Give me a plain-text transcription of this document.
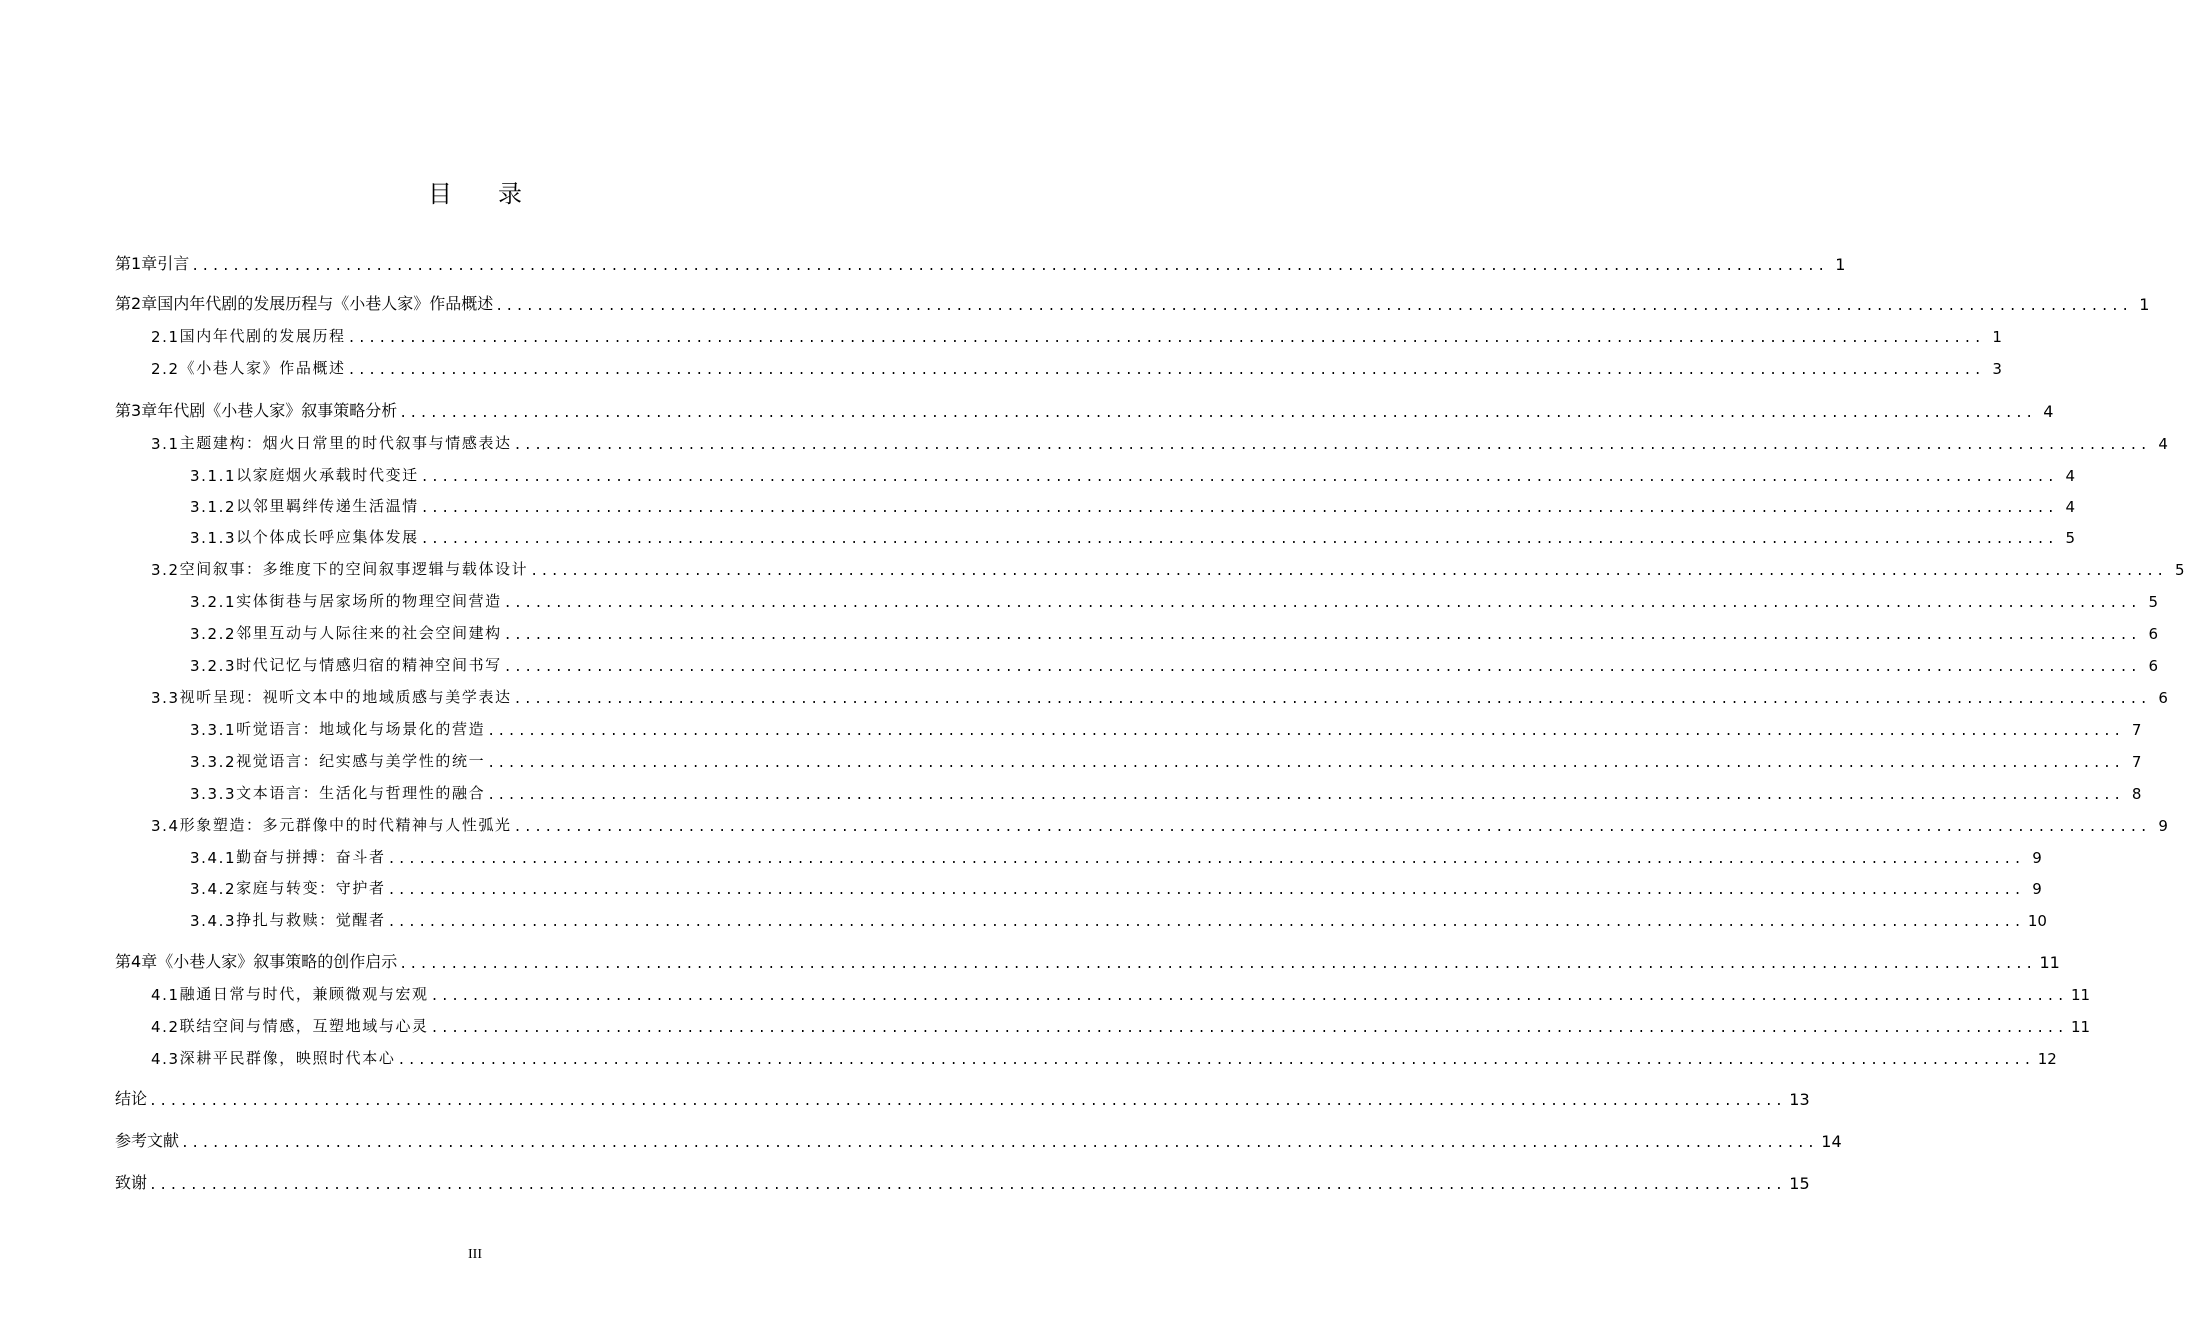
目录
第1章 引言 ................................................................................................................................................................ 1
第2章 国内年代剧的发展历程与《小巷人家》作品概述 ................................................................................................................................................................ 1
2.1 国内年代剧的发展历程 ................................................................................................................................................................ 1
2.2 《小巷人家》作品概述 ................................................................................................................................................................ 3
第3章 年代剧《小巷人家》叙事策略分析 ................................................................................................................................................................ 4
3.1 主题建构：烟火日常里的时代叙事与情感表达 ................................................................................................................................................................ 4
3.1.1 以家庭烟火承载时代变迁 ................................................................................................................................................................ 4
3.1.2 以邻里羁绊传递生活温情 ................................................................................................................................................................ 4
3.1.3 以个体成长呼应集体发展 ................................................................................................................................................................ 5
3.2 空间叙事：多维度下的空间叙事逻辑与载体设计 ................................................................................................................................................................ 5
3.2.1 实体街巷与居家场所的物理空间营造 ................................................................................................................................................................ 5
3.2.2 邻里互动与人际往来的社会空间建构 ................................................................................................................................................................ 6
3.2.3 时代记忆与情感归宿的精神空间书写 ................................................................................................................................................................ 6
3.3 视听呈现：视听文本中的地域质感与美学表达 ................................................................................................................................................................ 6
3.3.1 听觉语言：地域化与场景化的营造 ................................................................................................................................................................ 7
3.3.2 视觉语言：纪实感与美学性的统一 ................................................................................................................................................................ 7
3.3.3 文本语言：生活化与哲理性的融合 ................................................................................................................................................................ 8
3.4 形象塑造：多元群像中的时代精神与人性弧光 ................................................................................................................................................................ 9
3.4.1 勤奋与拼搏：奋斗者 ................................................................................................................................................................ 9
3.4.2 家庭与转变：守护者 ................................................................................................................................................................ 9
3.4.3 挣扎与救赎：觉醒者 ................................................................................................................................................................ 10
第4章 《小巷人家》叙事策略的创作启示 ................................................................................................................................................................ 11
4.1 融通日常与时代，兼顾微观与宏观 ................................................................................................................................................................ 11
4.2 联结空间与情感，互塑地域与心灵 ................................................................................................................................................................ 11
4.3 深耕平民群像，映照时代本心 ................................................................................................................................................................ 12
结论 ................................................................................................................................................................ 13
参考文献 ................................................................................................................................................................ 14
致谢 ................................................................................................................................................................ 15
III
